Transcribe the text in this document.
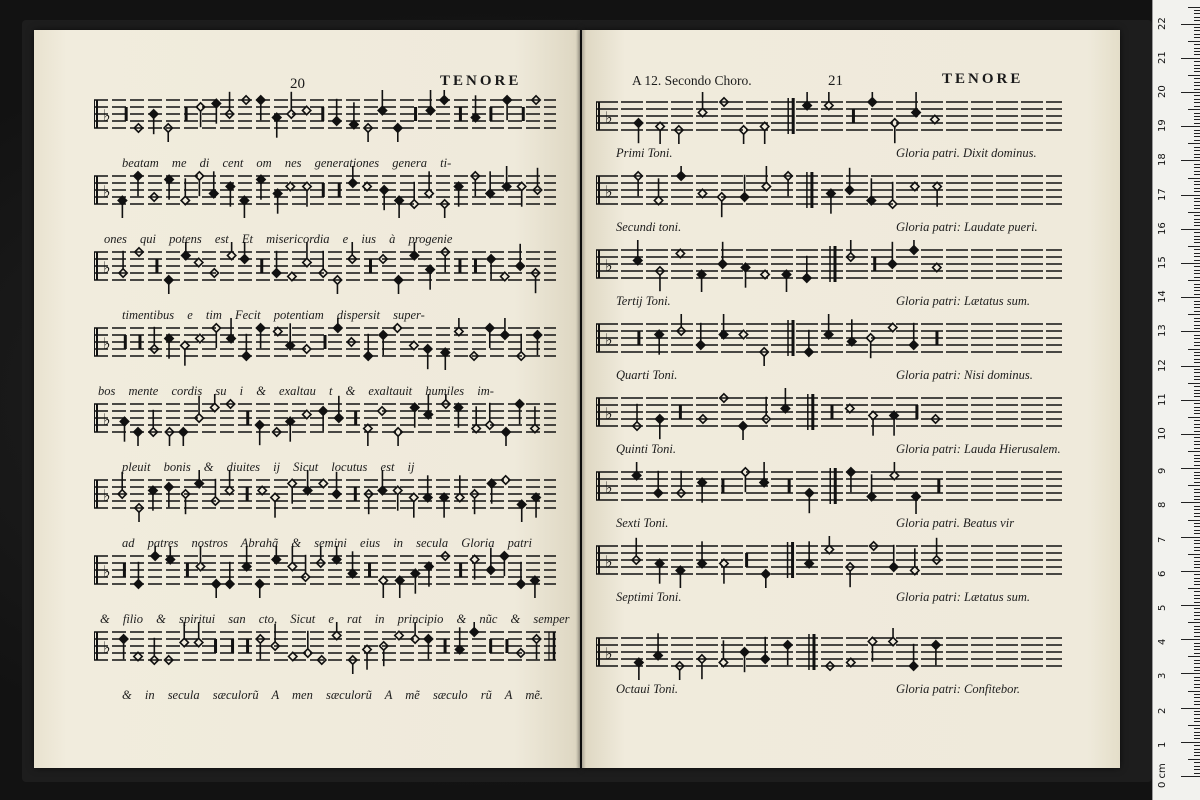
20	TENORE
♭
beatam me di cent om nes generationes genera ti-
♭
ones qui potens est Et misericordia e ius à progenie
♭
timentibus e tim Fecit potentiam dispersit super-
♭
bos mente cordis su i & exaltau t & exaltauit humiles im-
♭
pleuit bonis & diuites ij Sicut locutus est ij
♭
ad patres nostros Abrahã & semini eius in secula Gloria patri
♭
& filio & spiritui san cto, Sicut e rat in principio & nũc & semper
♭
& in secula sæculorũ A men sæculorũ A mẽ sæculo rũ A mẽ.
A 12. Secondo Choro.	21	TENORE
♭
Primi Toni.	Gloria patri. Dixit dominus.
♭
Secundi toni.	Gloria patri: Laudate pueri.
♭
Tertij Toni.	Gloria patri: Lætatus sum.
♭
Quarti Toni.	Gloria patri: Nisi dominus.
♭
Quinti Toni.	Gloria patri: Lauda Hierusalem.
♭
Sexti Toni.	Gloria patri. Beatus vir
♭
Septimi Toni.	Gloria patri: Lætatus sum.
♭
Octaui Toni.	Gloria patri: Confitebor.
0 cm
1
2
3
4
5
6
7
8
9
10
11
12
13
14
15
16
17
18
19
20
21
22
